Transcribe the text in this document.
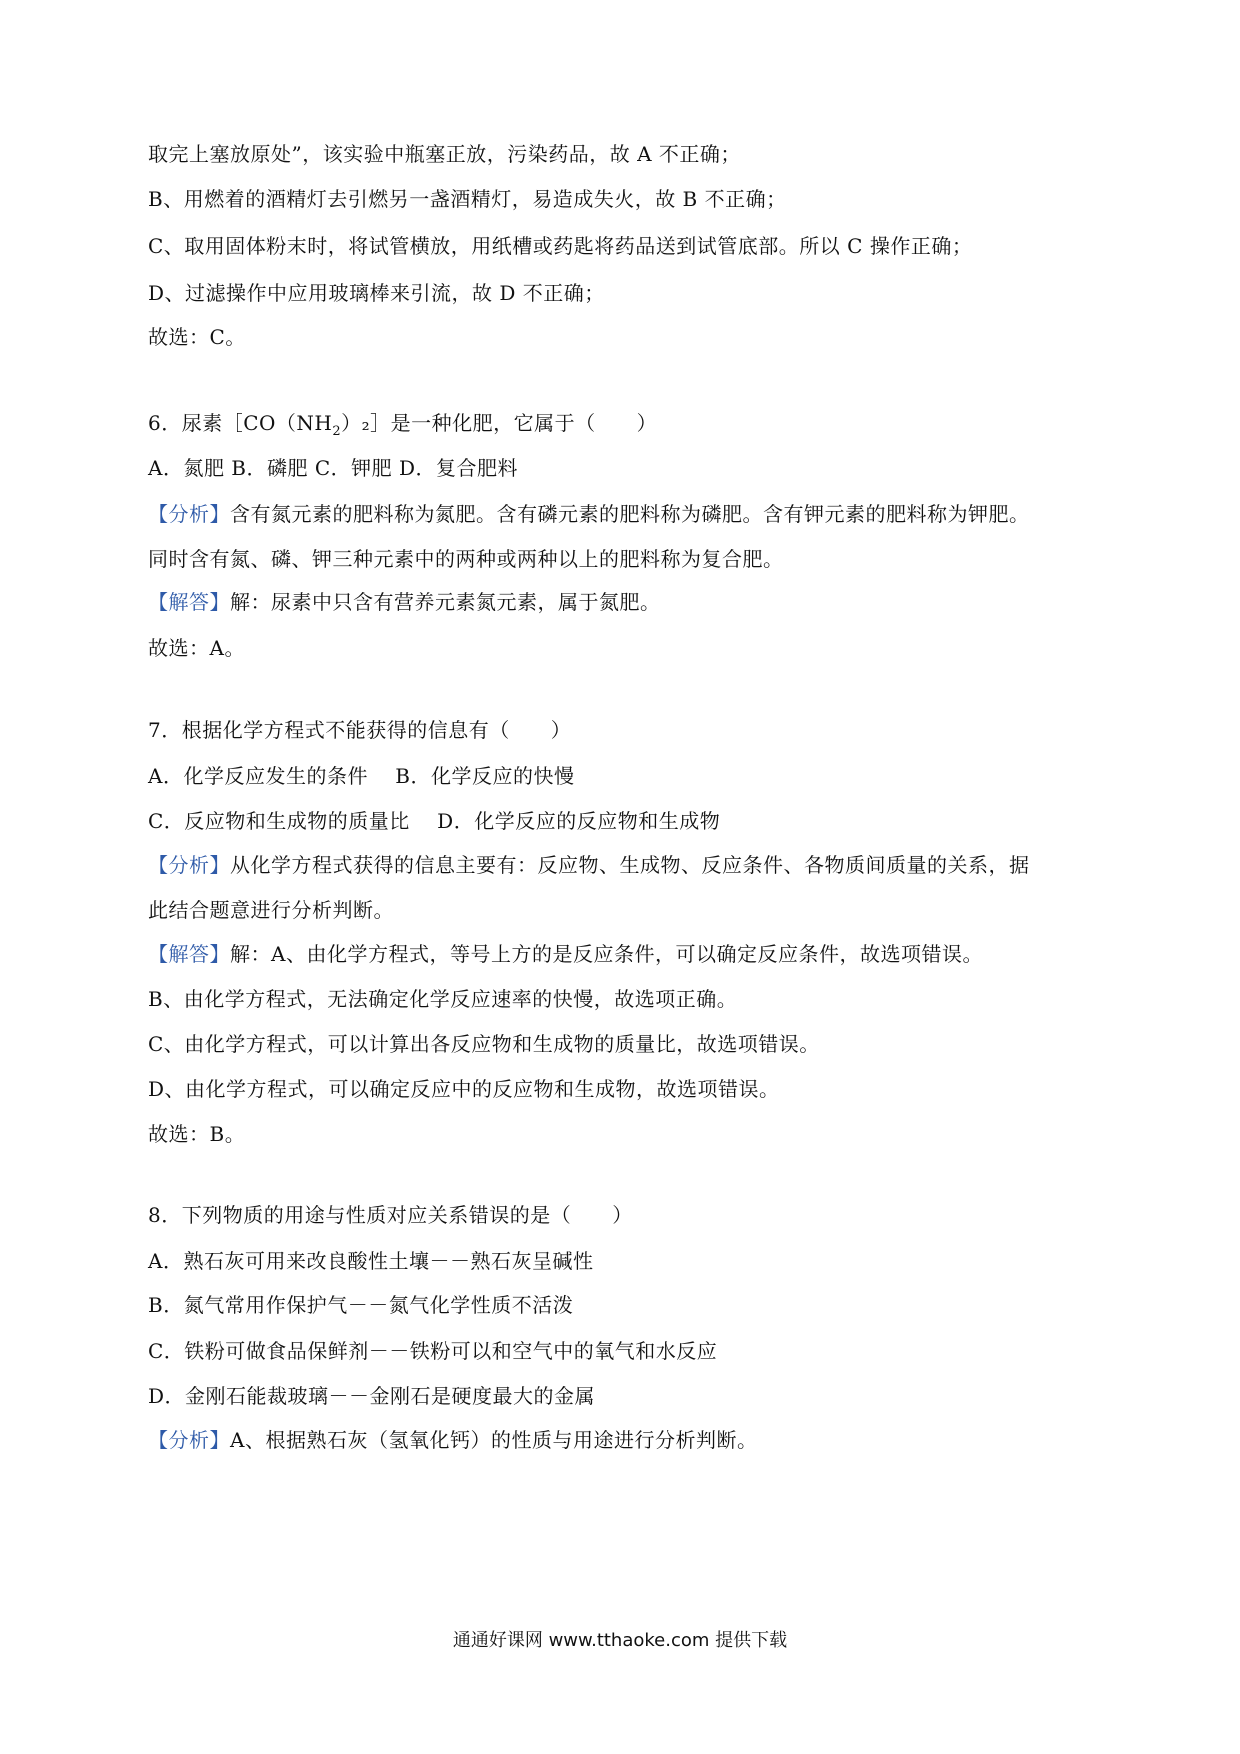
取完上塞放原处”，该实验中瓶塞正放，污染药品，故 A 不正确；
B、用燃着的酒精灯去引燃另一盏酒精灯，易造成失火，故 B 不正确；
C、取用固体粉末时，将试管横放，用纸槽或药匙将药品送到试管底部。所以 C 操作正确；
D、过滤操作中应用玻璃棒来引流，故 D 不正确；
故选：C。
6．尿素$[CO(NH_2)_2]$是一种化肥，它属于（　　）
A．氮肥 B．磷肥 C．钾肥 D．复合肥料
【分析】含有氮元素的肥料称为氮肥。含有磷元素的肥料称为磷肥。含有钾元素的肥料称为钾肥。
同时含有氮、磷、钾三种元素中的两种或两种以上的肥料称为复合肥。
【解答】解：尿素中只含有营养元素氮元素，属于氮肥。
故选：A。
7．根据化学方程式不能获得的信息有（　　）
A．化学反应发生的条件　 B．化学反应的快慢
C．反应物和生成物的质量比　 D．化学反应的反应物和生成物
【分析】从化学方程式获得的信息主要有：反应物、生成物、反应条件、各物质间质量的关系，据
此结合题意进行分析判断。
【解答】解：A、由化学方程式，等号上方的是反应条件，可以确定反应条件，故选项错误。
B、由化学方程式，无法确定化学反应速率的快慢，故选项正确。
C、由化学方程式，可以计算出各反应物和生成物的质量比，故选项错误。
D、由化学方程式，可以确定反应中的反应物和生成物，故选项错误。
故选：B。
8．下列物质的用途与性质对应关系错误的是（　　）
A．熟石灰可用来改良酸性土壤－－熟石灰呈碱性
B．氮气常用作保护气－－氮气化学性质不活泼
C．铁粉可做食品保鲜剂－－铁粉可以和空气中的氧气和水反应
D．金刚石能裁玻璃－－金刚石是硬度最大的金属
【分析】A、根据熟石灰（氢氧化钙）的性质与用途进行分析判断。
通通好课网 www.tthaoke.com 提供下载
